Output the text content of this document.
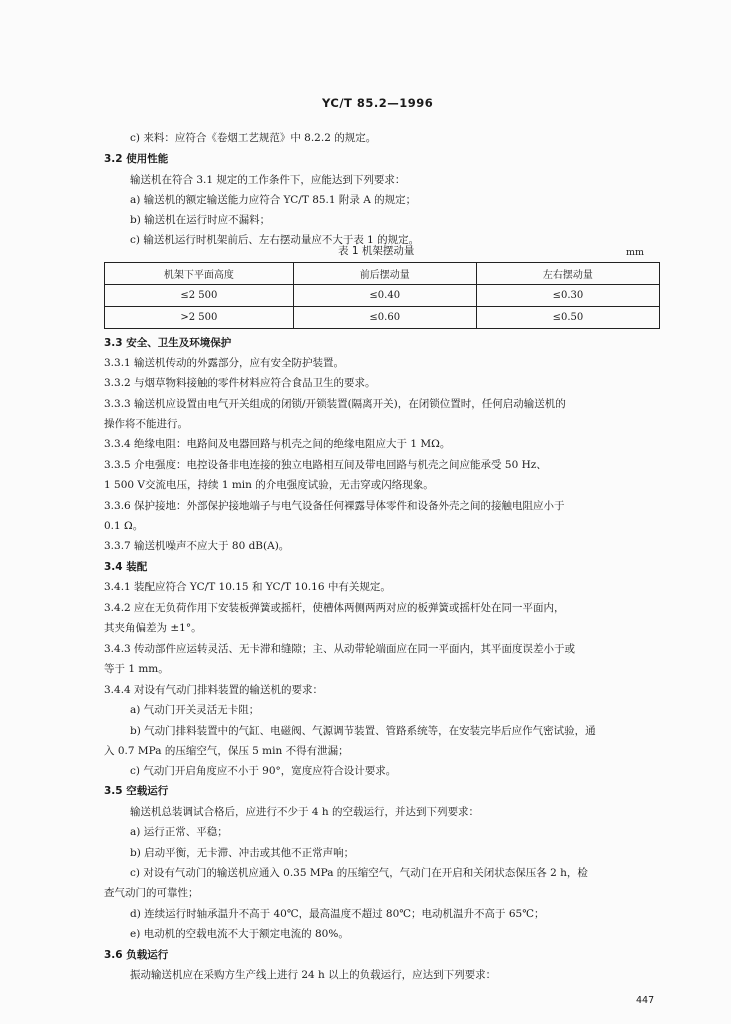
YC/T 85.2—1996
c) 来料：应符合《卷烟工艺规范》中 8.2.2 的规定。
3.2 使用性能
输送机在符合 3.1 规定的工作条件下，应能达到下列要求：
a) 输送机的额定输送能力应符合 YC/T 85.1 附录 A 的规定；
b) 输送机在运行时应不漏料；
c) 输送机运行时机架前后、左右摆动量应不大于表 1 的规定。
表 1 机架摆动量	mm
机架下平面高度	前后摆动量	左右摆动量
≤2 500	≤0.40	≤0.30
>2 500	≤0.60	≤0.50
3.3 安全、卫生及环境保护
3.3.1 输送机传动的外露部分，应有安全防护装置。
3.3.2 与烟草物料接触的零件材料应符合食品卫生的要求。
3.3.3 输送机应设置由电气开关组成的闭锁/开锁装置(隔离开关)，在闭锁位置时，任何启动输送机的
操作将不能进行。
3.3.4 绝缘电阻：电路间及电器回路与机壳之间的绝缘电阻应大于 1 MΩ。
3.3.5 介电强度：电控设备非电连接的独立电路相互间及带电回路与机壳之间应能承受 50 Hz、
1 500 V交流电压，持续 1 min 的介电强度试验，无击穿或闪络现象。
3.3.6 保护接地：外部保护接地端子与电气设备任何裸露导体零件和设备外壳之间的接触电阻应小于
0.1 Ω。
3.3.7 输送机噪声不应大于 80 dB(A)。
3.4 装配
3.4.1 装配应符合 YC/T 10.15 和 YC/T 10.16 中有关规定。
3.4.2 应在无负荷作用下安装板弹簧或摇杆，使槽体两侧两两对应的板弹簧或摇杆处在同一平面内，
其夹角偏差为 ±1°。
3.4.3 传动部件应运转灵活、无卡滞和缝隙；主、从动带轮端面应在同一平面内，其平面度误差小于或
等于 1 mm。
3.4.4 对设有气动门排料装置的输送机的要求：
a) 气动门开关灵活无卡阻；
b) 气动门排料装置中的气缸、电磁阀、气源调节装置、管路系统等，在安装完毕后应作气密试验，通
入 0.7 MPa 的压缩空气，保压 5 min 不得有泄漏；
c) 气动门开启角度应不小于 90°，宽度应符合设计要求。
3.5 空载运行
输送机总装调试合格后，应进行不少于 4 h 的空载运行，并达到下列要求：
a) 运行正常、平稳；
b) 启动平衡，无卡滞、冲击或其他不正常声响；
c) 对设有气动门的输送机应通入 0.35 MPa 的压缩空气，气动门在开启和关闭状态保压各 2 h，检
查气动门的可靠性；
d) 连续运行时轴承温升不高于 40℃，最高温度不超过 80℃；电动机温升不高于 65℃；
e) 电动机的空载电流不大于额定电流的 80%。
3.6 负载运行
振动输送机应在采购方生产线上进行 24 h 以上的负载运行，应达到下列要求：
447
